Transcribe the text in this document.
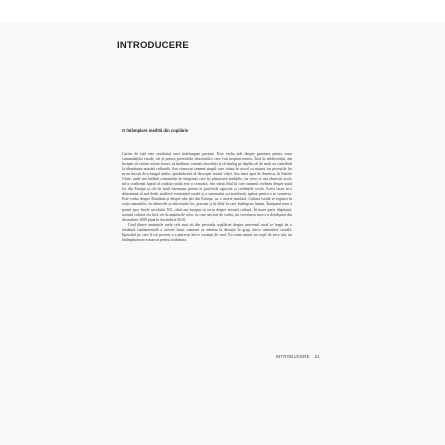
INTRODUCERE
O întâmplare inedită din copilărie

Cartea de față este rezultatul unei îndelungate pasiuni. Este vorba atât despre pasiunea pentru zona comunităților rurale, cât și pentru povestirile obiceiurilor care l-au inspirat mereu. Încă în adolescență, am început să vizitez aceste locuri, să întâlnesc oameni deosebiți și să înțeleg pe deplin cât de mult au contribuit la identitatea noastră culturală. Am cunoscut oameni simpli care trăiau în acord cu natura, iar poveștile lor m-au însoțit de-a lungul anilor, ajutându-mă să descopăr sensul vieții. Am mers apoi în America, în Statele Unite, unde am întâlnit comunități de imigranți care își păstraseră tradițiile, iar ceea ce am observat acolo mi-a confirmat faptul că tradiția rurală este o comoară. Am văzut felul în care oamenii vorbeau despre satul lor din Europa și cât de mult însemnau pentru ei practicile agricole și credințele vechi. Acest lucru m-a determinat să mă dedic studierii economiei rurale și a sistemului sociocultural, apărut pentru a se conserva. Este vorba despre România și despre alte țări din Europa, cu o istorie similară. Cultura rurală se regăsea în viața oamenilor, în cântecele și obiceiurile lor, precum și în felul în care înțelegeau lumea. Începutul meu a pornit spre finele secolului XX, când am început să scriu despre această cultură. În mare parte dispărută, această cultură era încă vie în amintirile celor cu care am stat de vorbă, iar cercetarea mea s-a desfășurat din decembrie 2009 până în decembrie 2010.

Unul dintre amintirile mele cele mai vii din perioada copilăriei despre universul rural se leagă de o trăsătură fundamentală a acestei lumi: oamenii se adunau la discuții în grup, într-o atmosferă socială. Episodul pe care îl voi povesti s-a petrecut într-o vacanță de vară. Eu eram atunci un copil de zece ani, iar întâmplarea m-a marcat pentru totdeauna.

INTRODUCERE 21
